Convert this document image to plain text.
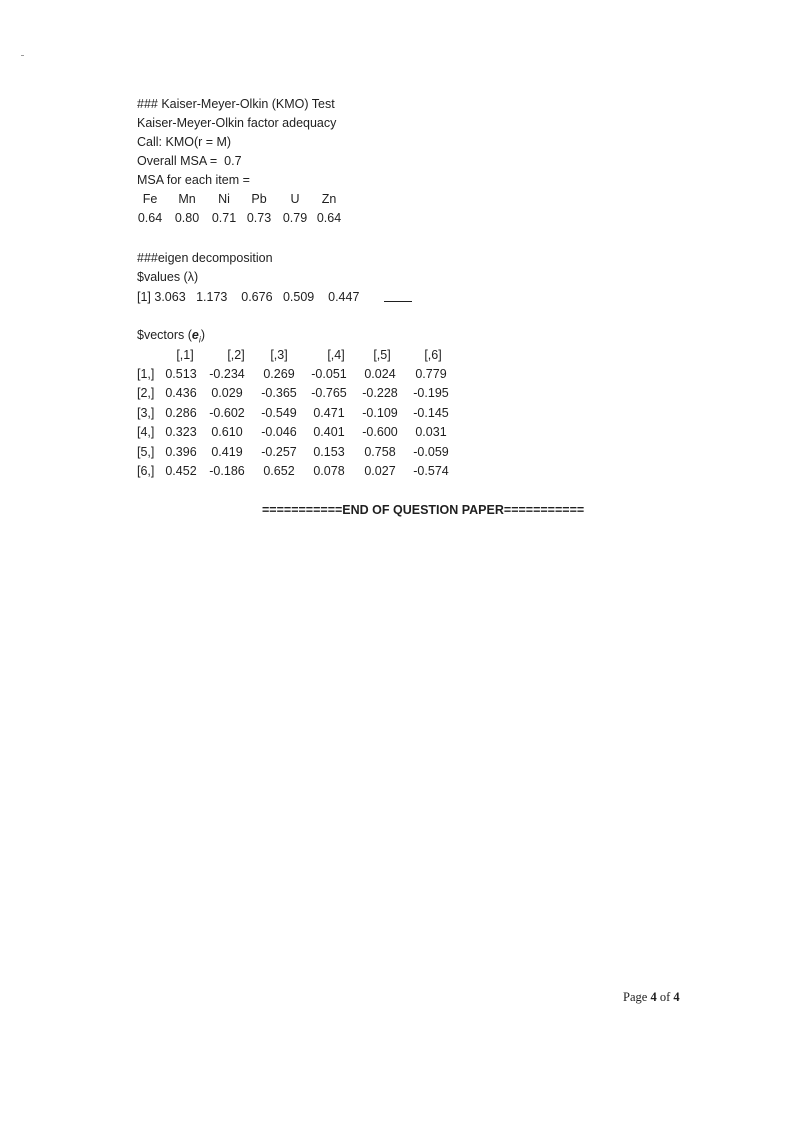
### Kaiser-Meyer-Olkin (KMO) Test
Kaiser-Meyer-Olkin factor adequacy
Call: KMO(r = M)
Overall MSA =  0.7
MSA for each item =
Fe Mn Ni Pb U Zn
0.64 0.80 0.71 0.73 0.79 0.64
###eigen decomposition
$values (λ)
[1] 3.063   1.173    0.676   0.509    0.447
$vectors $(e_i)$
[,1]	[,2] [,3]	[,4] [,5]	[,6]
[1,] 0.513 -0.234 0.269 -0.051 0.024 0.779
[2,] 0.436 0.029 -0.365 -0.765 -0.228 -0.195
[3,] 0.286 -0.602 -0.549 0.471 -0.109 -0.145
[4,] 0.323 0.610 -0.046 0.401 -0.600 0.031
[5,] 0.396 0.419 -0.257 0.153 0.758 -0.059
[6,] 0.452 -0.186 0.652 0.078 0.027 -0.574
===========END OF QUESTION PAPER===========
Page 4 of 4
